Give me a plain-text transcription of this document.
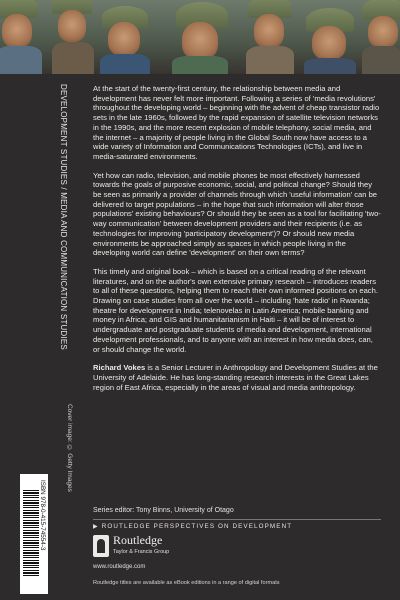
DEVELOPMENT STUDIES / MEDIA AND COMMUNICATION STUDIES
Cover image: © Getty Images

At the start of the twenty-first century, the relationship between media and development has never felt more important. Following a series of 'media revolutions' throughout the developing world – beginning with the advent of cheap transistor radio sets in the late 1960s, followed by the rapid expansion of satellite television networks in the 1990s, and the more recent explosion of mobile telephony, social media, and the internet – a majority of people living in the Global South now have access to a wide variety of Information and Communications Technologies (ICTs), and live in media-saturated environments.

Yet how can radio, television, and mobile phones be most effectively harnessed towards the goals of purposive economic, social, and political change? Should they be seen as primarily a provider of channels through which 'useful information' can be delivered to target populations – in the hope that such information will alter those populations' existing behaviours? Or should they be seen as a tool for facilitating 'two-way communication' between development providers and their recipients (i.e. as technologies for improving 'participatory development')? Or should new media environments be approached simply as spaces in which people living in the developing world can define 'development' on their own terms?

This timely and original book – which is based on a critical reading of the relevant literatures, and on the author's own extensive primary research – introduces readers to all of these questions, helping them to reach their own informed positions on each. Drawing on case studies from all over the world – including 'hate radio' in Rwanda; theatre for development in India; telenovelas in Latin America; mobile banking and money in Africa; and GIS and humanitarianism in Haiti – it will be of interest to undergraduate and postgraduate students of media and development, international development professionals, and to anyone with an interest in how media does, can, or should change the world.

Richard Vokes is a Senior Lecturer in Anthropology and Development Studies at the University of Adelaide. He has long-standing research interests in the Great Lakes region of East Africa, especially in the areas of visual and media anthropology.

Series editor: Tony Binns, University of Otago
▶ ROUTLEDGE PERSPECTIVES ON DEVELOPMENT
Routledge
Taylor & Francis Group
www.routledge.com
Routledge titles are available as eBook editions in a range of digital formats
ISBN 978-0-415-74554-3
